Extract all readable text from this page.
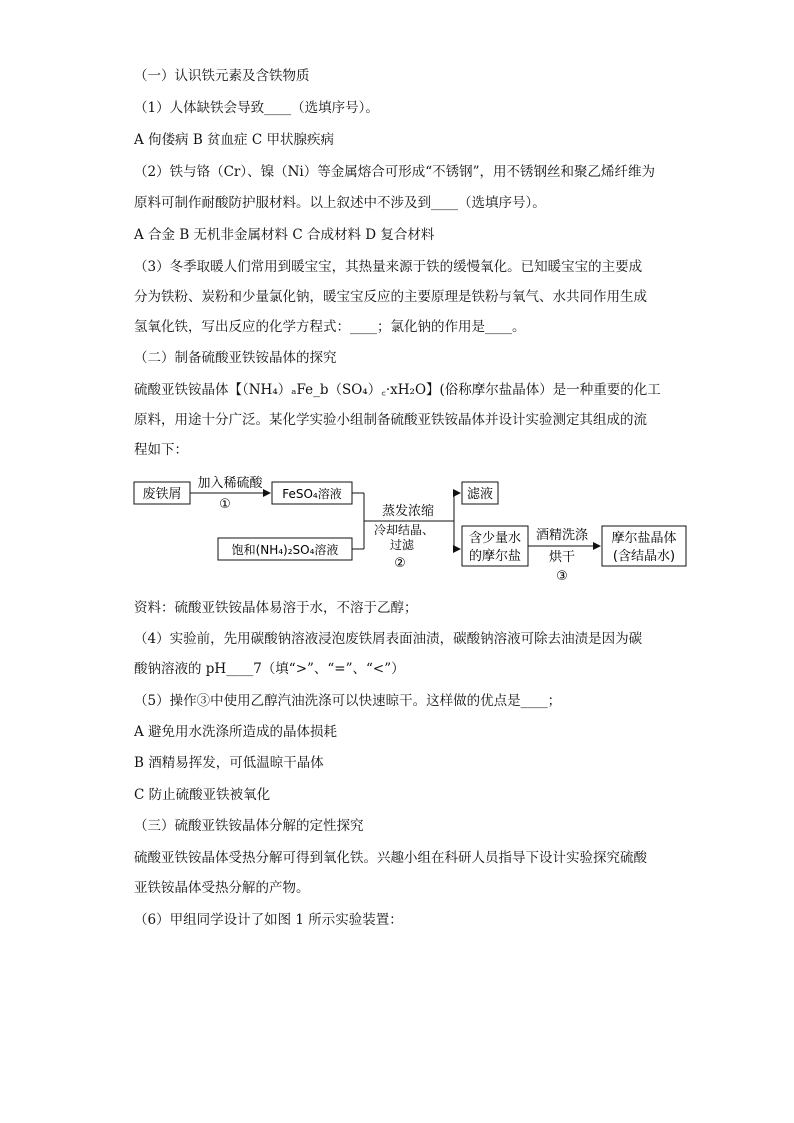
（一）认识铁元素及含铁物质
（1）人体缺铁会导致____（选填序号）。
A 佝偻病 B 贫血症 C 甲状腺疾病
（2）铁与铬（Cr）、镍（Ni）等金属熔合可形成“不锈钢”，用不锈钢丝和聚乙烯纤维为
原料可制作耐酸防护服材料。以上叙述中不涉及到____（选填序号）。
A 合金 B 无机非金属材料 C 合成材料 D 复合材料
（3）冬季取暖人们常用到暖宝宝，其热量来源于铁的缓慢氧化。已知暖宝宝的主要成
分为铁粉、炭粉和少量氯化钠，暖宝宝反应的主要原理是铁粉与氧气、水共同作用生成
氢氧化铁，写出反应的化学方程式：____；氯化钠的作用是____。
（二）制备硫酸亚铁铵晶体的探究
硫酸亚铁铵晶体【（NH₄）ₐFe_b（SO₄）꜀·xH₂O】(俗称摩尔盐晶体）是一种重要的化工
原料，用途十分广泛。某化学实验小组制备硫酸亚铁铵晶体并设计实验测定其组成的流
程如下：
废铁屑
加入稀硫酸
①
FeSO₄溶液
饱和(NH₄)₂SO₄溶液
蒸发浓缩
冷却结晶、
过滤
②
滤液
含少量水
的摩尔盐
酒精洗涤
烘干
③
摩尔盐晶体
(含结晶水)
资料：硫酸亚铁铵晶体易溶于水，不溶于乙醇；
（4）实验前，先用碳酸钠溶液浸泡废铁屑表面油渍，碳酸钠溶液可除去油渍是因为碳
酸钠溶液的 pH____7（填“>”、“=”、“<”）
（5）操作③中使用乙醇汽油洗涤可以快速晾干。这样做的优点是____；
A 避免用水洗涤所造成的晶体损耗
B 酒精易挥发，可低温晾干晶体
C 防止硫酸亚铁被氧化
（三）硫酸亚铁铵晶体分解的定性探究
硫酸亚铁铵晶体受热分解可得到氧化铁。兴趣小组在科研人员指导下设计实验探究硫酸
亚铁铵晶体受热分解的产物。
（6）甲组同学设计了如图 1 所示实验装置：
